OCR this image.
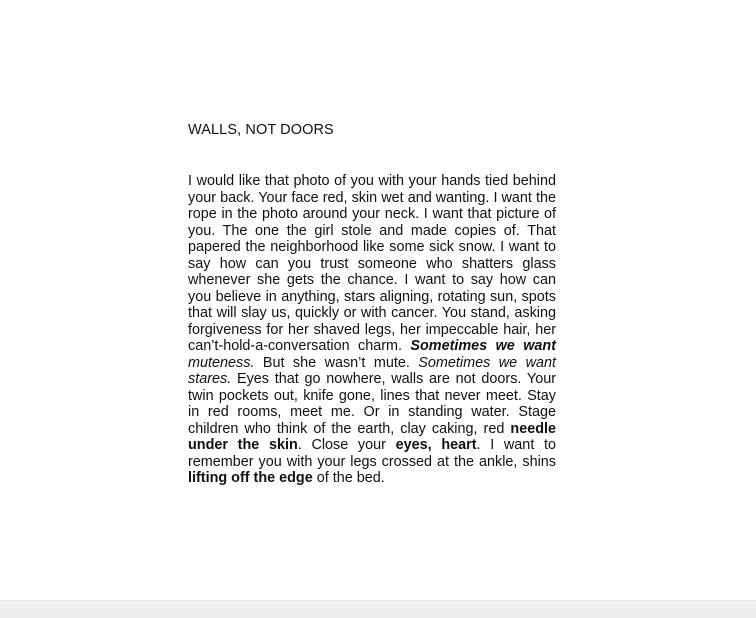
WALLS, NOT DOORS

I would like that photo of you with your hands tied behind your back. Your face red, skin wet and wanting. I want the rope in the photo around your neck. I want that picture of you. The one the girl stole and made copies of. That papered the neighborhood like some sick snow. I want to say how can you trust someone who shatters glass whenever she gets the chance. I want to say how can you believe in anything, stars aligning, rotating sun, spots that will slay us, quickly or with cancer. You stand, asking forgiveness for her shaved legs, her impeccable hair, her can’t-hold-a-conversation charm. Sometimes we want muteness. But she wasn’t mute. Sometimes we want stares. Eyes that go nowhere, walls are not doors. Your twin pockets out, knife gone, lines that never meet. Stay in red rooms, meet me. Or in standing water. Stage children who think of the earth, clay caking, red needle under the skin. Close your eyes, heart. I want to remember you with your legs crossed at the ankle, shins lifting off the edge of the bed.
